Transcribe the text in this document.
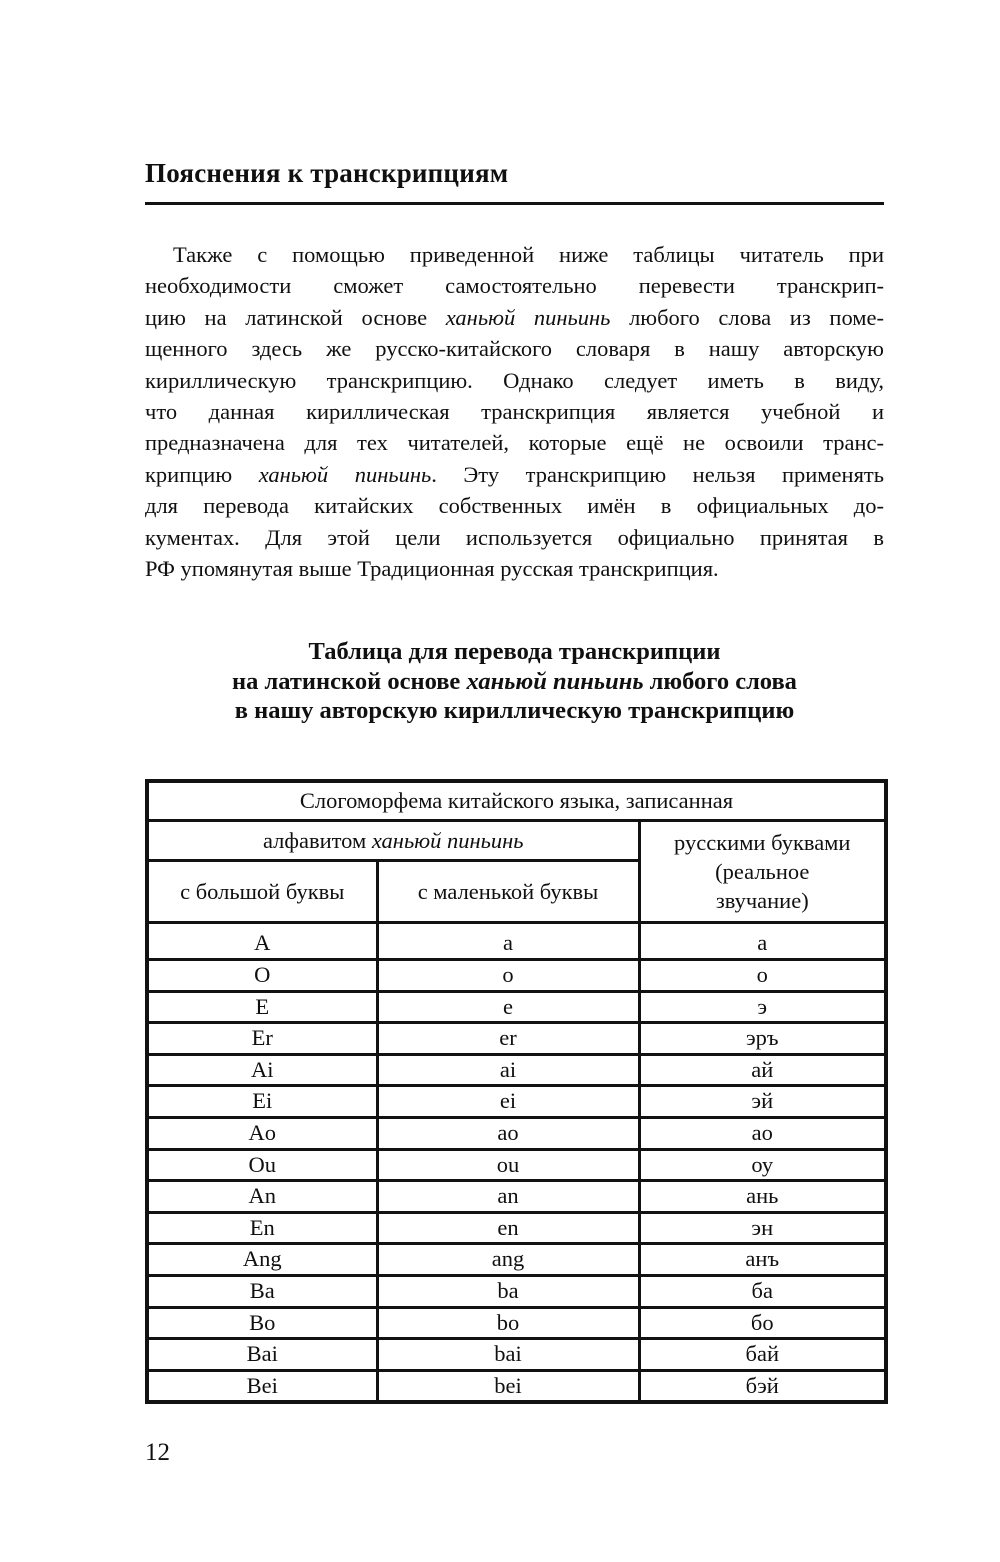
Пояснения к транскрипциям
Также с помощью приведенной ниже таблицы читатель при
необходимости сможет самостоятельно перевести транскрип-
цию на латинской основе ханьюй пиньинь любого слова из поме-
щенного здесь же русско-китайского словаря в нашу авторскую
кириллическую транскрипцию. Однако следует иметь в виду,
что данная кириллическая транскрипция является учебной и
предназначена для тех читателей, которые ещё не освоили транс-
крипцию ханьюй пиньинь. Эту транскрипцию нельзя применять
для перевода китайских собственных имён в официальных до-
кументах. Для этой цели используется официально принятая в
РФ упомянутая выше Традиционная русская транскрипция.
Таблица для перевода транскрипции
на латинской основе ханьюй пиньинь любого слова
в нашу авторскую кириллическую транскрипцию
Слогоморфема китайского языка, записанная		
алфавитом ханьюй пиньинь		русскими буквами
(реальное
звучание)

с большой буквы	с маленькой буквы	
A	a	а
O	o	о
E	e	э
Er	er	эръ
Ai	ai	ай
Ei	ei	эй
Ao	ao	ао
Ou	ou	оу
An	an	ань
En	en	эн
Ang	ang	анъ
Ba	ba	ба
Bo	bo	бо
Bai	bai	бай
Bei	bei	бэй
12
